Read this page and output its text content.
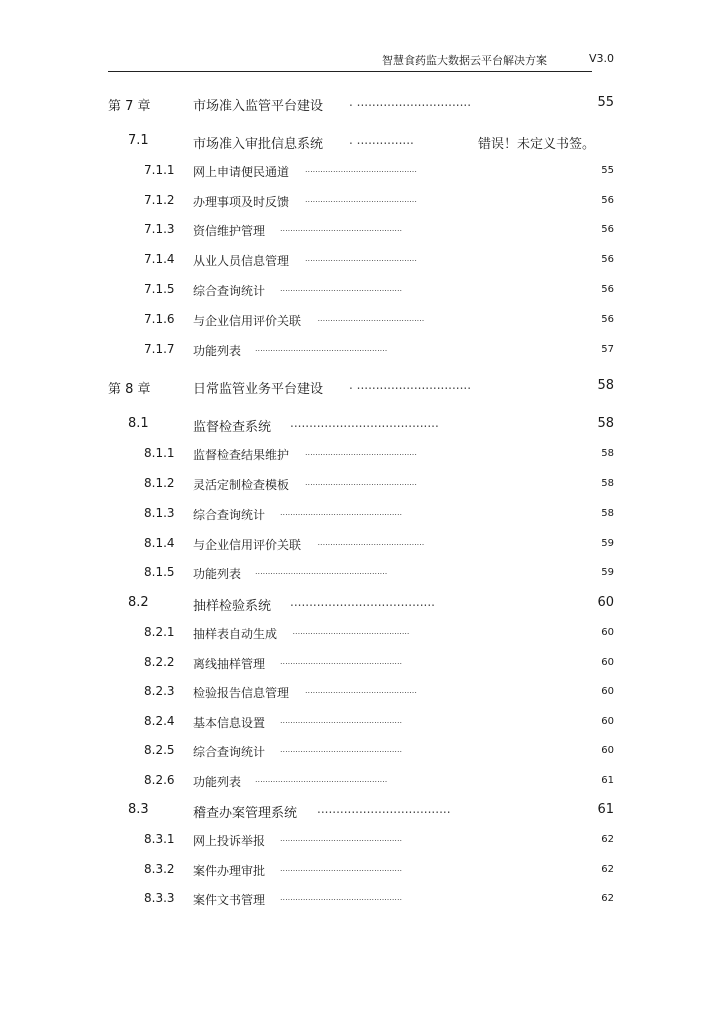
智慧食药监大数据云平台解决方案	V3.0
第 7 章	市场准入监管平台建设 . ..............................	55
7.1	市场准入审批信息系统 . ...............	错误！未定义书签。
7.1.1 网上申请便民通道 ............................................	55
7.1.2 办理事项及时反馈 ............................................	56
7.1.3 资信维护管理 ................................................	56
7.1.4 从业人员信息管理 ............................................	56
7.1.5 综合查询统计 ................................................	56
7.1.6 与企业信用评价关联 ..........................................	56
7.1.7 功能列表 ....................................................	57
第 8 章	日常监管业务平台建设 . ..............................	58
8.1	监督检查系统 .......................................	58
8.1.1 监督检查结果维护 ............................................	58
8.1.2 灵活定制检查模板 ............................................	58
8.1.3 综合查询统计 ................................................	58
8.1.4 与企业信用评价关联 ..........................................	59
8.1.5 功能列表 ....................................................	59
8.2	抽样检验系统 ......................................	60
8.2.1 抽样表自动生成 ..............................................	60
8.2.2 离线抽样管理 ................................................	60
8.2.3 检验报告信息管理 ............................................	60
8.2.4 基本信息设置 ................................................	60
8.2.5 综合查询统计 ................................................	60
8.2.6 功能列表 ....................................................	61
8.3	稽查办案管理系统 ...................................	61
8.3.1 网上投诉举报 ................................................	62
8.3.2 案件办理审批 ................................................	62
8.3.3 案件文书管理 ................................................	62
